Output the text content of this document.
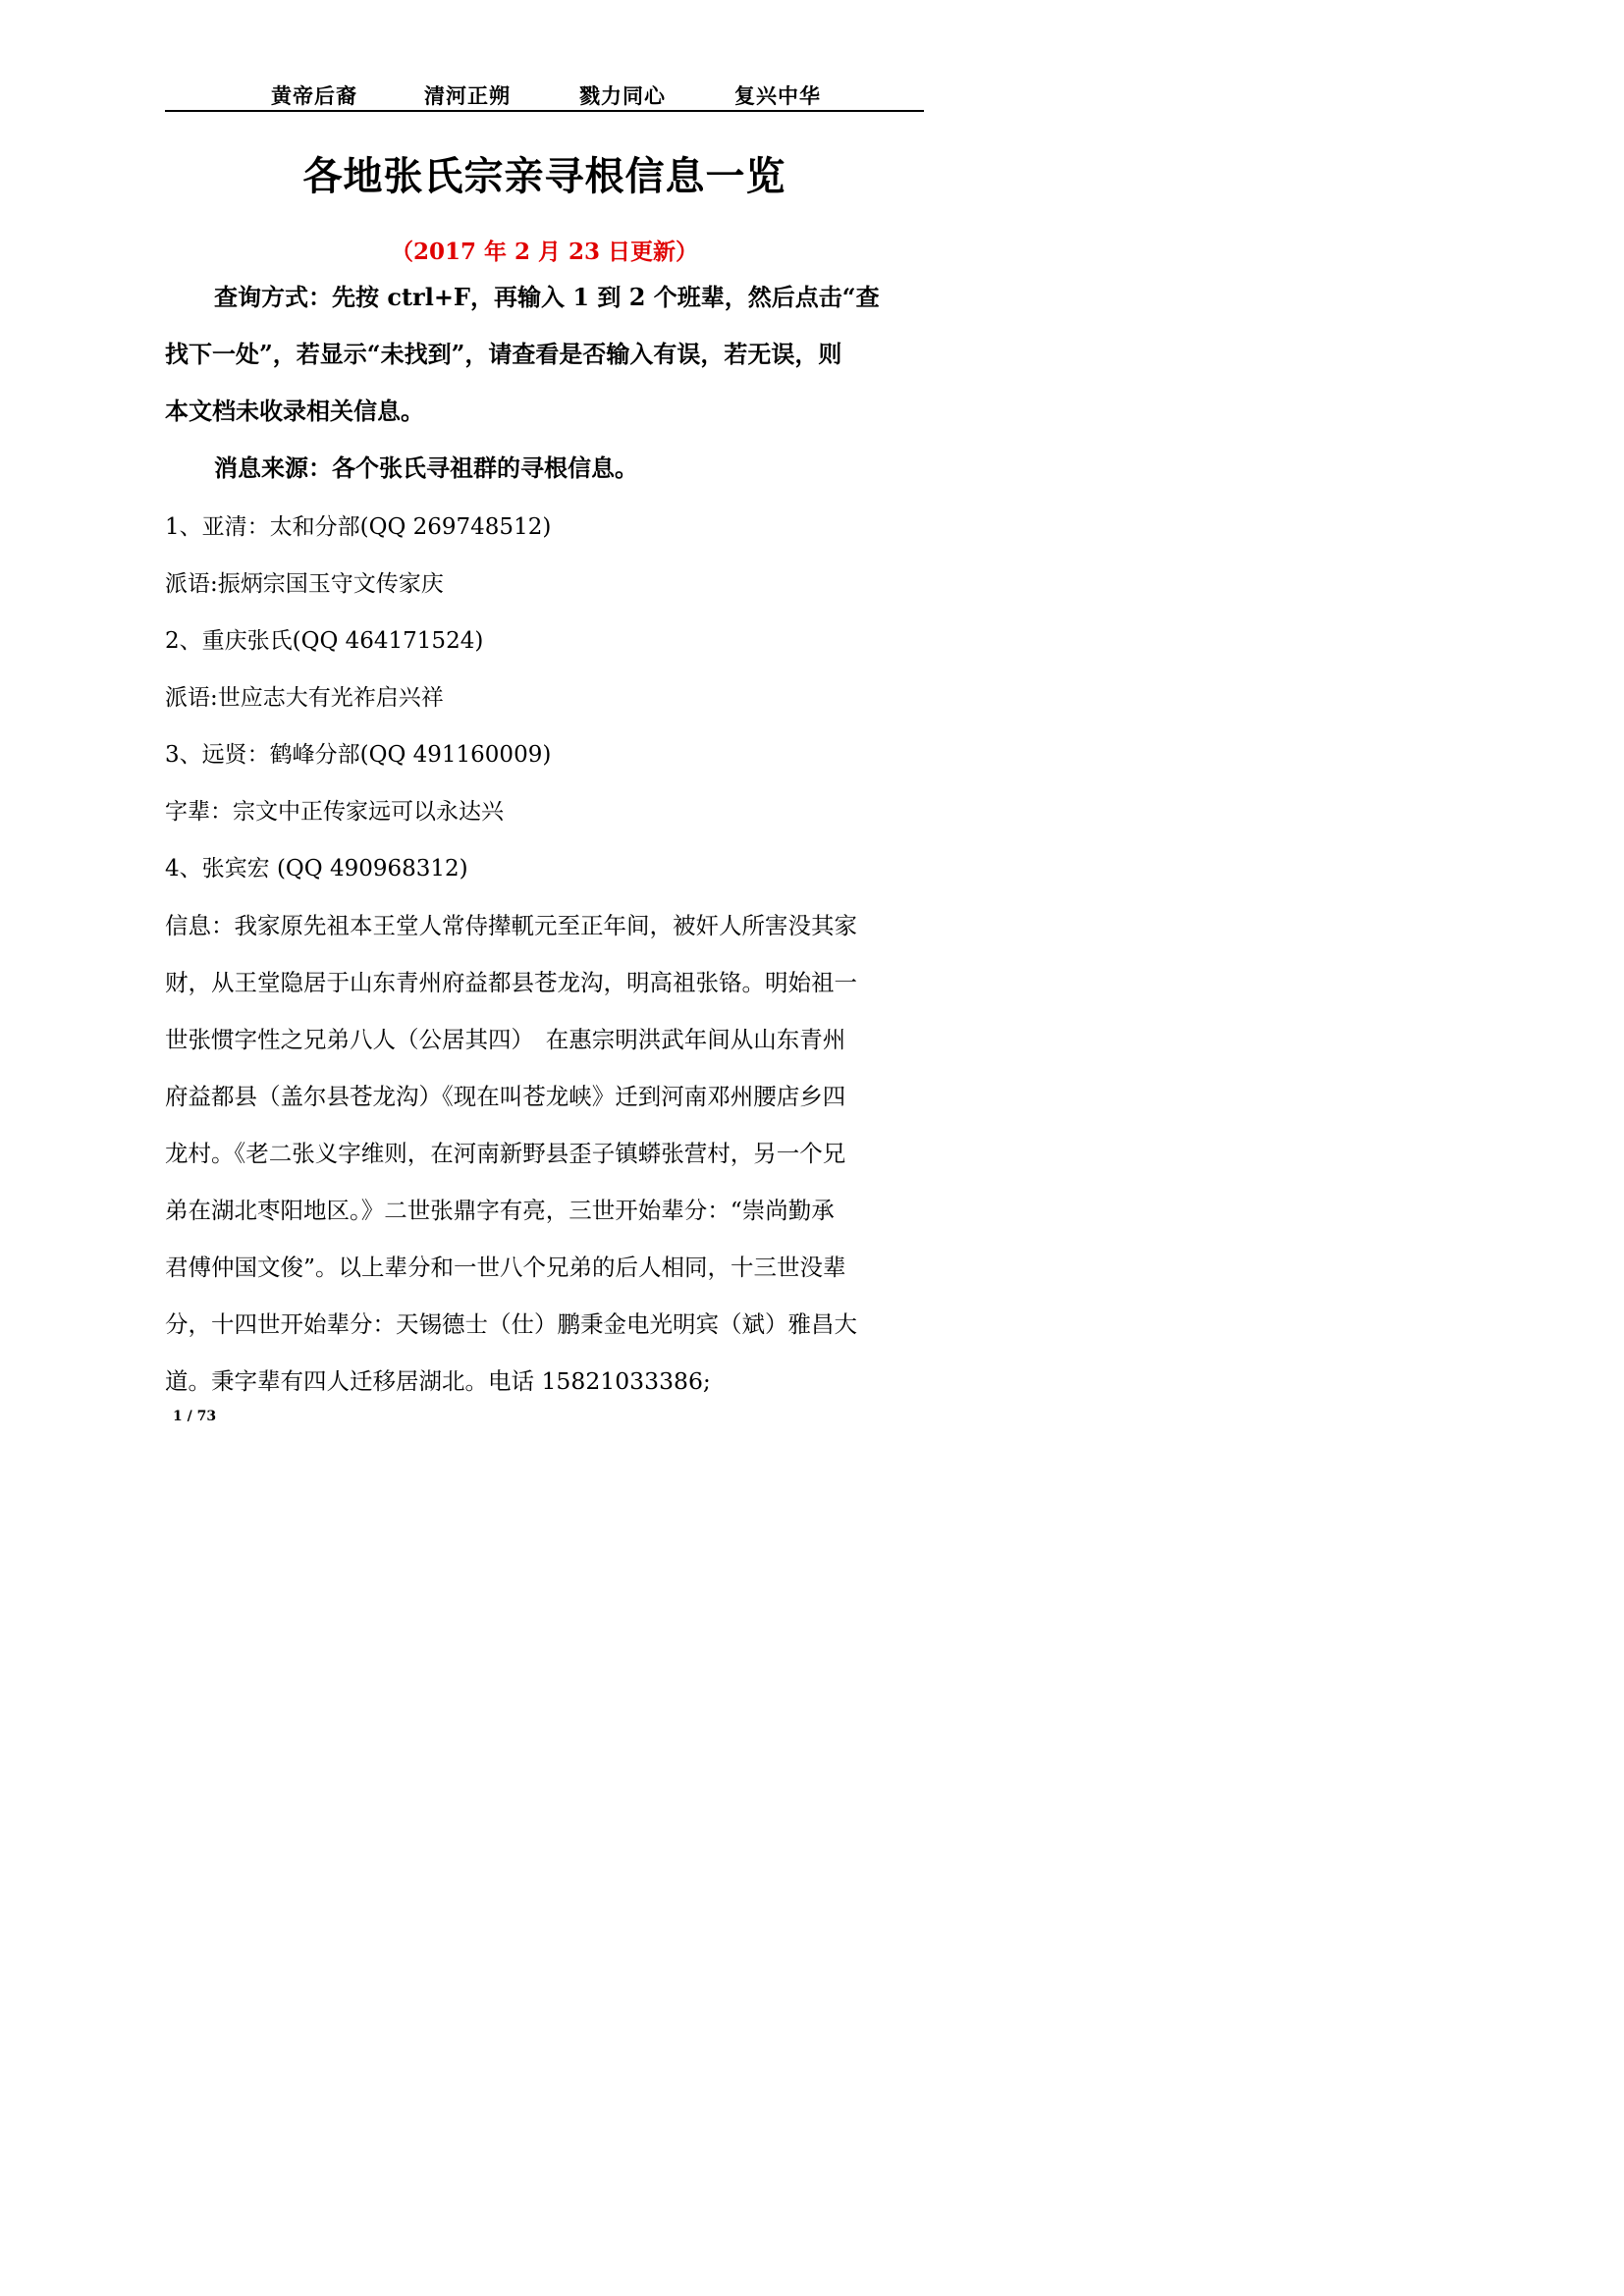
黄帝后裔	清河正朔	戮力同心	复兴中华
各地张氏宗亲寻根信息一览
（2017 年 2 月 23 日更新）
查询方式：先按 ctrl+F，再输入 1 到 2 个班辈，然后点击“查
找下一处”，若显示“未找到”，请查看是否输入有误，若无误，则
本文档未收录相关信息。
消息来源：各个张氏寻祖群的寻根信息。
1、亚清：太和分部(QQ 269748512)
派语:振炳宗国玉守文传家庆
2、重庆张氏(QQ 464171524)
派语:世应志大有光祚启兴祥
3、远贤：鹤峰分部(QQ 491160009)
字辈：宗文中正传家远可以永达兴
4、张宾宏 (QQ 490968312)
信息：我家原先祖本王堂人常侍撵軏元至正年间，被奸人所害没其家
财，从王堂隐居于山东青州府益都县苍龙沟，明高祖张铬。明始祖一
世张惯字性之兄弟八人（公居其四）　在惠宗明洪武年间从山东青州
府益都县（盖尔县苍龙沟）《现在叫苍龙峡》迁到河南邓州腰店乡四
龙村。《老二张义字维则，在河南新野县歪子镇蟒张营村，另一个兄
弟在湖北枣阳地区。》二世张鼎字有亮，三世开始辈分：“崇尚勤承
君傅仲国文俊”。以上辈分和一世八个兄弟的后人相同，十三世没辈
分，十四世开始辈分：天锡德士（仕）鹏秉金电光明宾（斌）雅昌大
道。秉字辈有四人迁移居湖北。电话 15821033386;
1 / 73
